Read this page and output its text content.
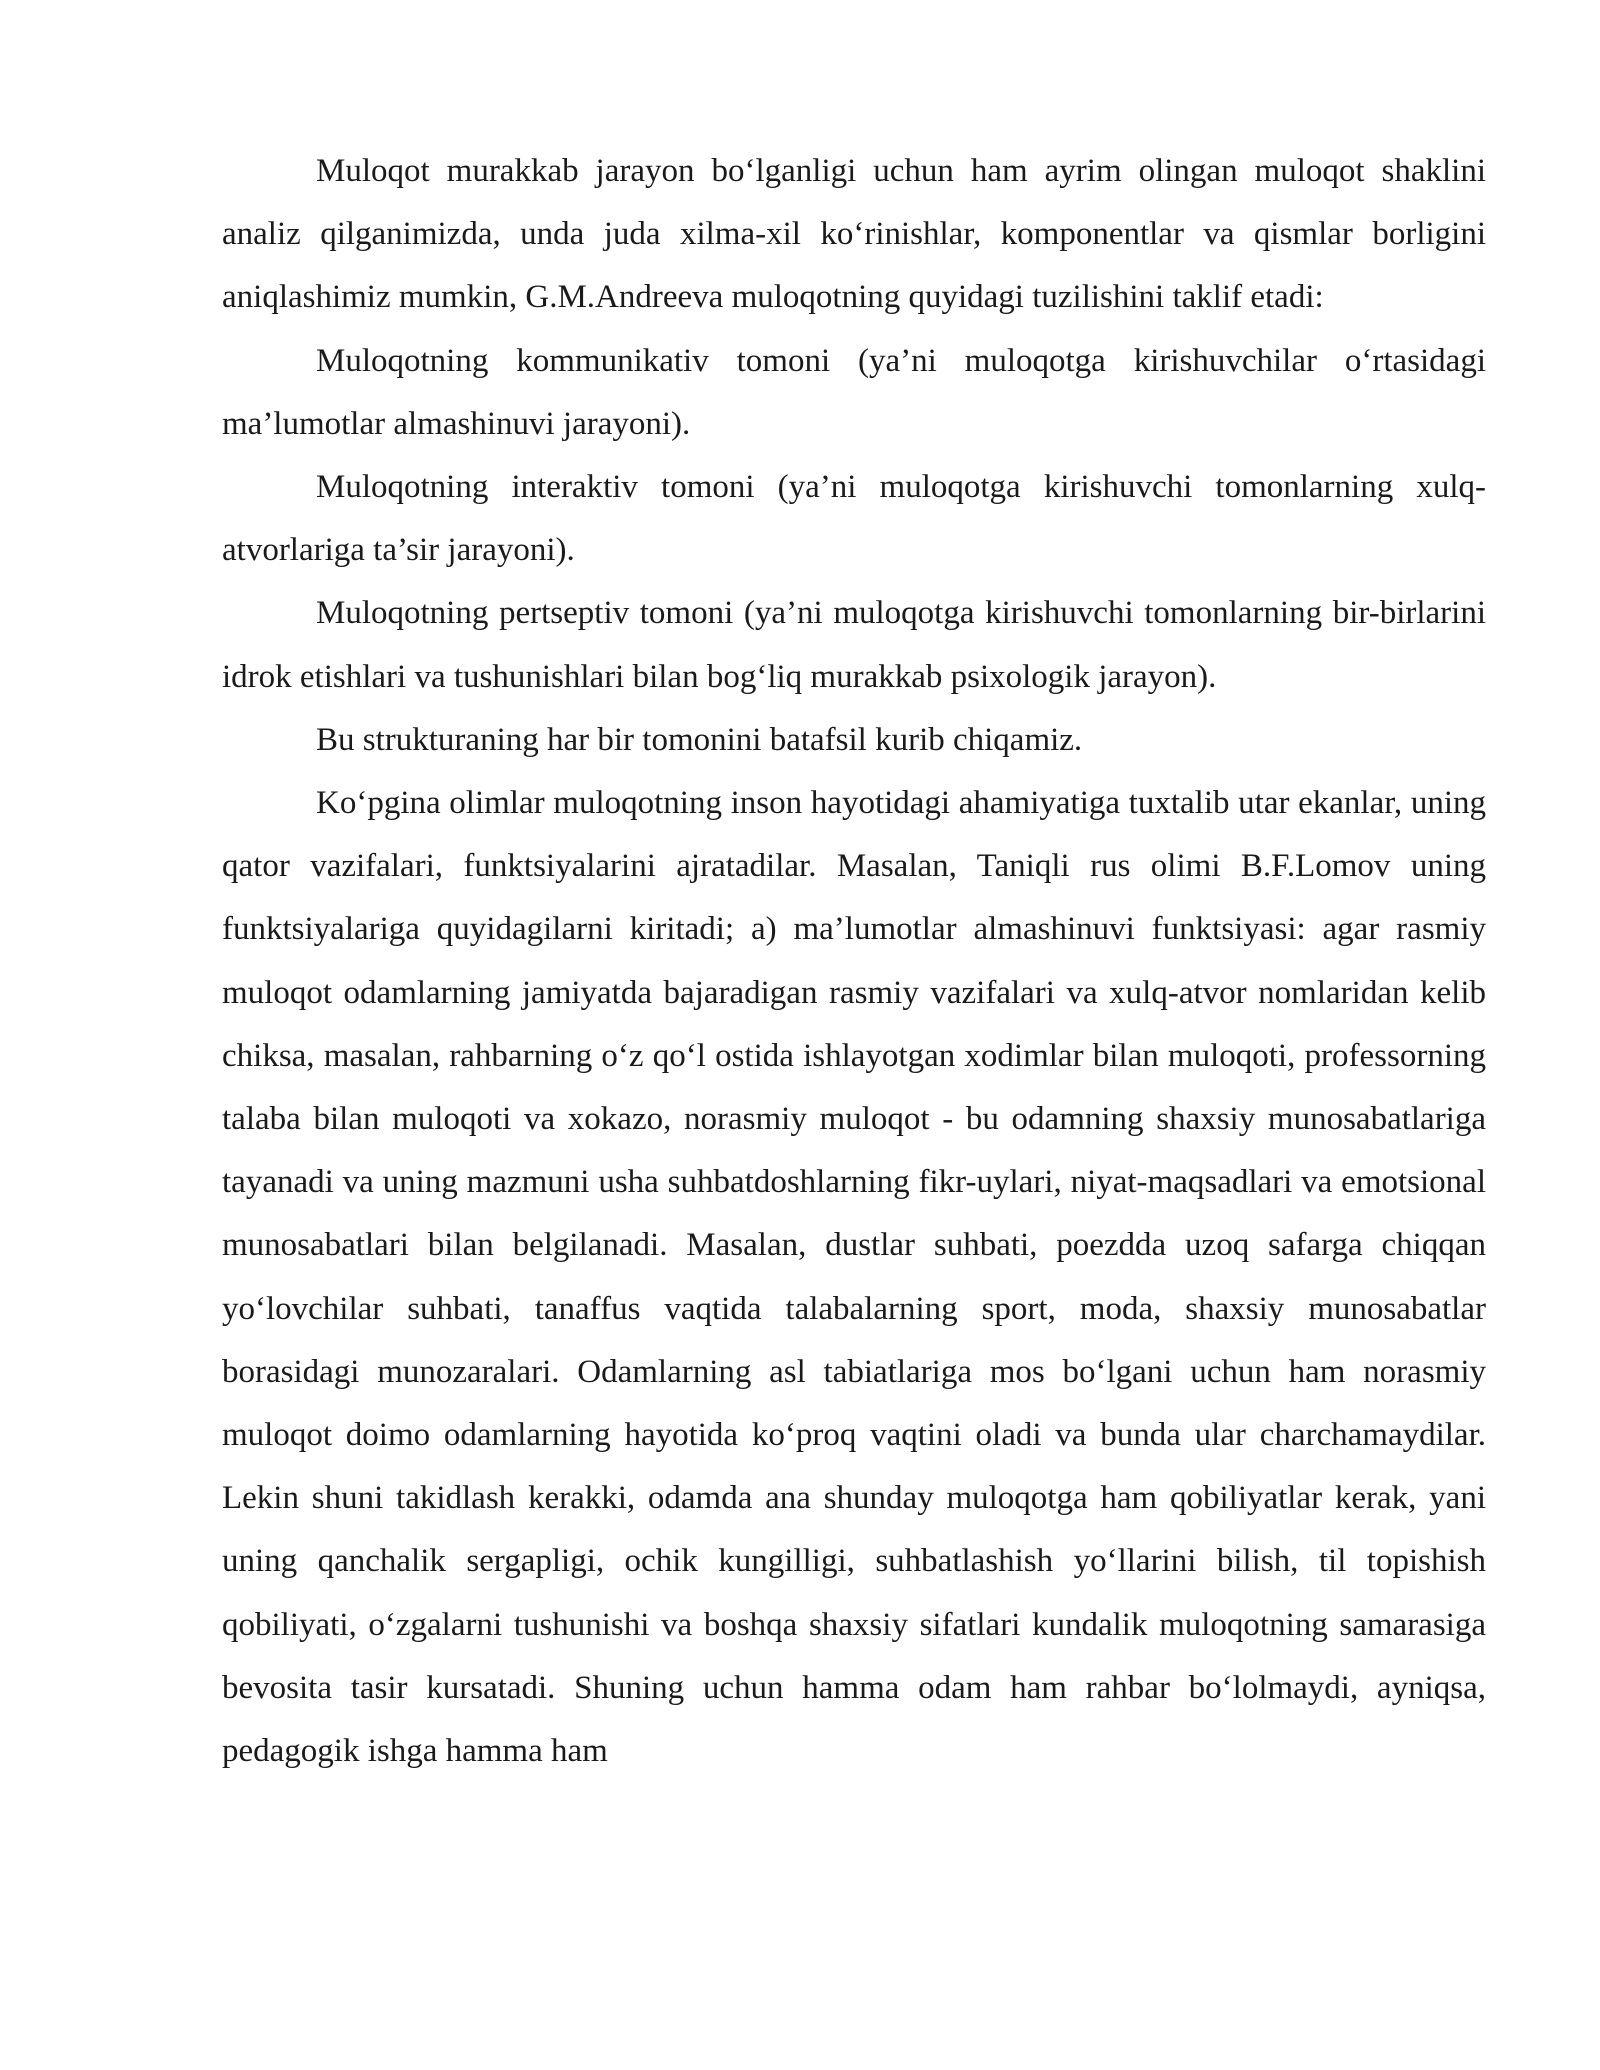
Muloqot murakkab jarayon bo‘lganligi uchun ham ayrim olingan muloqot shaklini analiz qilganimizda, unda juda xilma-xil ko‘rinishlar, komponentlar va qismlar borligini aniqlashimiz mumkin, G.M.Andreeva muloqotning quyidagi tuzilishini taklif etadi:

Muloqotning kommunikativ tomoni (ya’ni muloqotga kirishuvchilar o‘rtasidagi ma’lumotlar almashinuvi jarayoni).

Muloqotning interaktiv tomoni (ya’ni muloqotga kirishuvchi tomonlarning xulq-atvorlariga ta’sir jarayoni).

Muloqotning pertseptiv tomoni (ya’ni muloqotga kirishuvchi tomonlarning bir-birlarini idrok etishlari va tushunishlari bilan bog‘liq murakkab psixologik jarayon).

Bu strukturaning har bir tomonini batafsil kurib chiqamiz.

Ko‘pgina olimlar muloqotning inson hayotidagi ahamiyatiga tuxtalib utar ekanlar, uning qator vazifalari, funktsiyalarini ajratadilar. Masalan, Taniqli rus olimi B.F.Lomov uning funktsiyalariga quyidagilarni kiritadi; a) ma’lumotlar almashinuvi funktsiyasi: agar rasmiy muloqot odamlarning jamiyatda bajaradigan rasmiy vazifalari va xulq-atvor nomlaridan kelib chiksa, masalan, rahbarning o‘z qo‘l ostida ishlayotgan xodimlar bilan muloqoti, professorning talaba bilan muloqoti va xokazo, norasmiy muloqot - bu odamning shaxsiy munosabatlariga tayanadi va uning mazmuni usha suhbatdoshlarning fikr-uylari, niyat-maqsadlari va emotsional munosabatlari bilan belgilanadi. Masalan, dustlar suhbati, poezdda uzoq safarga chiqqan yo‘lovchilar suhbati, tanaffus vaqtida talabalarning sport, moda, shaxsiy munosabatlar borasidagi munozaralari. Odamlarning asl tabiatlariga mos bo‘lgani uchun ham norasmiy muloqot doimo odamlarning hayotida ko‘proq vaqtini oladi va bunda ular charchamaydilar. Lekin shuni takidlash kerakki, odamda ana shunday muloqotga ham qobiliyatlar kerak, yani uning qanchalik sergapligi, ochik kungilligi, suhbatlashish yo‘llarini bilish, til topishish qobiliyati, o‘zgalarni tushunishi va boshqa shaxsiy sifatlari kundalik muloqotning samarasiga bevosita tasir kursatadi. Shuning uchun hamma odam ham rahbar bo‘lolmaydi, ayniqsa, pedagogik ishga hamma ham
